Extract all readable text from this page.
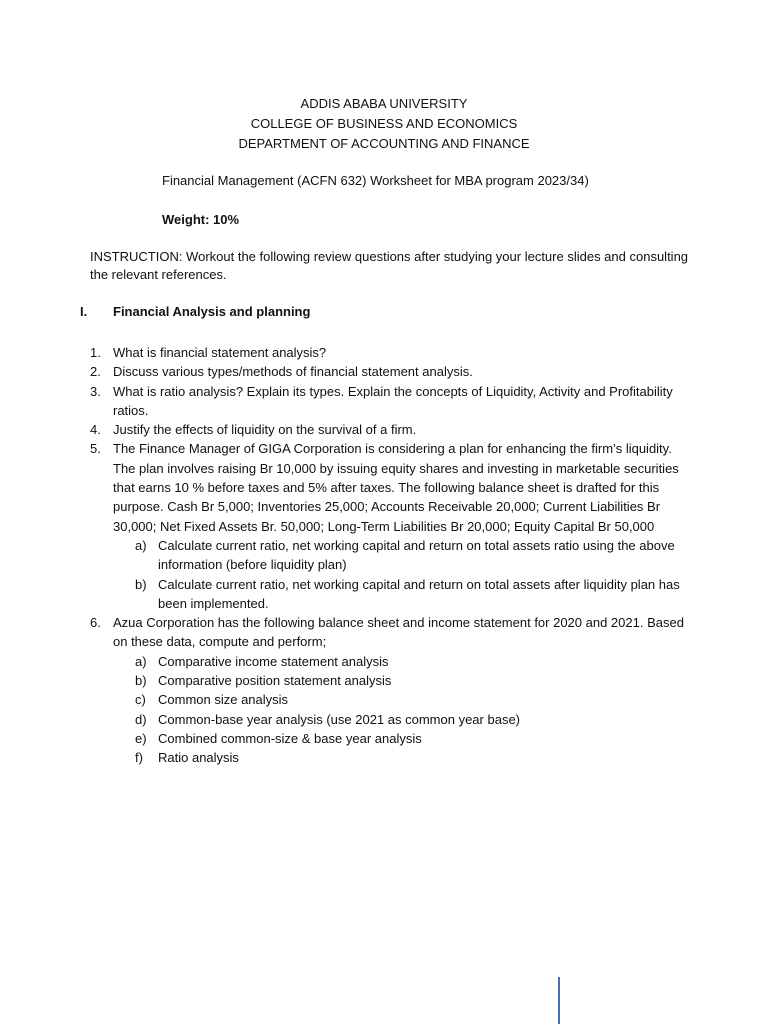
ADDIS ABABA UNIVERSITY
COLLEGE OF BUSINESS AND ECONOMICS
DEPARTMENT OF ACCOUNTING AND FINANCE
Financial Management (ACFN 632) Worksheet for MBA program 2023/34)
Weight: 10%
INSTRUCTION: Workout the following review questions after studying your lecture slides and consulting the relevant references.
I. Financial Analysis and planning
1. What is financial statement analysis?
2. Discuss various types/methods of financial statement analysis.
3. What is ratio analysis? Explain its types. Explain the concepts of Liquidity, Activity and Profitability ratios.
4. Justify the effects of liquidity on the survival of a firm.
5. The Finance Manager of GIGA Corporation is considering a plan for enhancing the firm’s liquidity. The plan involves raising Br 10,000 by issuing equity shares and investing in marketable securities that earns 10 % before taxes and 5% after taxes. The following balance sheet is drafted for this purpose. Cash Br 5,000; Inventories 25,000; Accounts Receivable 20,000; Current Liabilities Br 30,000; Net Fixed Assets Br. 50,000; Long-Term Liabilities Br 20,000; Equity Capital Br 50,000
a) Calculate current ratio, net working capital and return on total assets ratio using the above information (before liquidity plan)
b) Calculate current ratio, net working capital and return on total assets after liquidity plan has been implemented.
6. Azua Corporation has the following balance sheet and income statement for 2020 and 2021. Based on these data, compute and perform;
a) Comparative income statement analysis
b) Comparative position statement analysis
c) Common size analysis
d) Common-base year analysis (use 2021 as common year base)
e) Combined common-size & base year analysis
f)	Ratio analysis
